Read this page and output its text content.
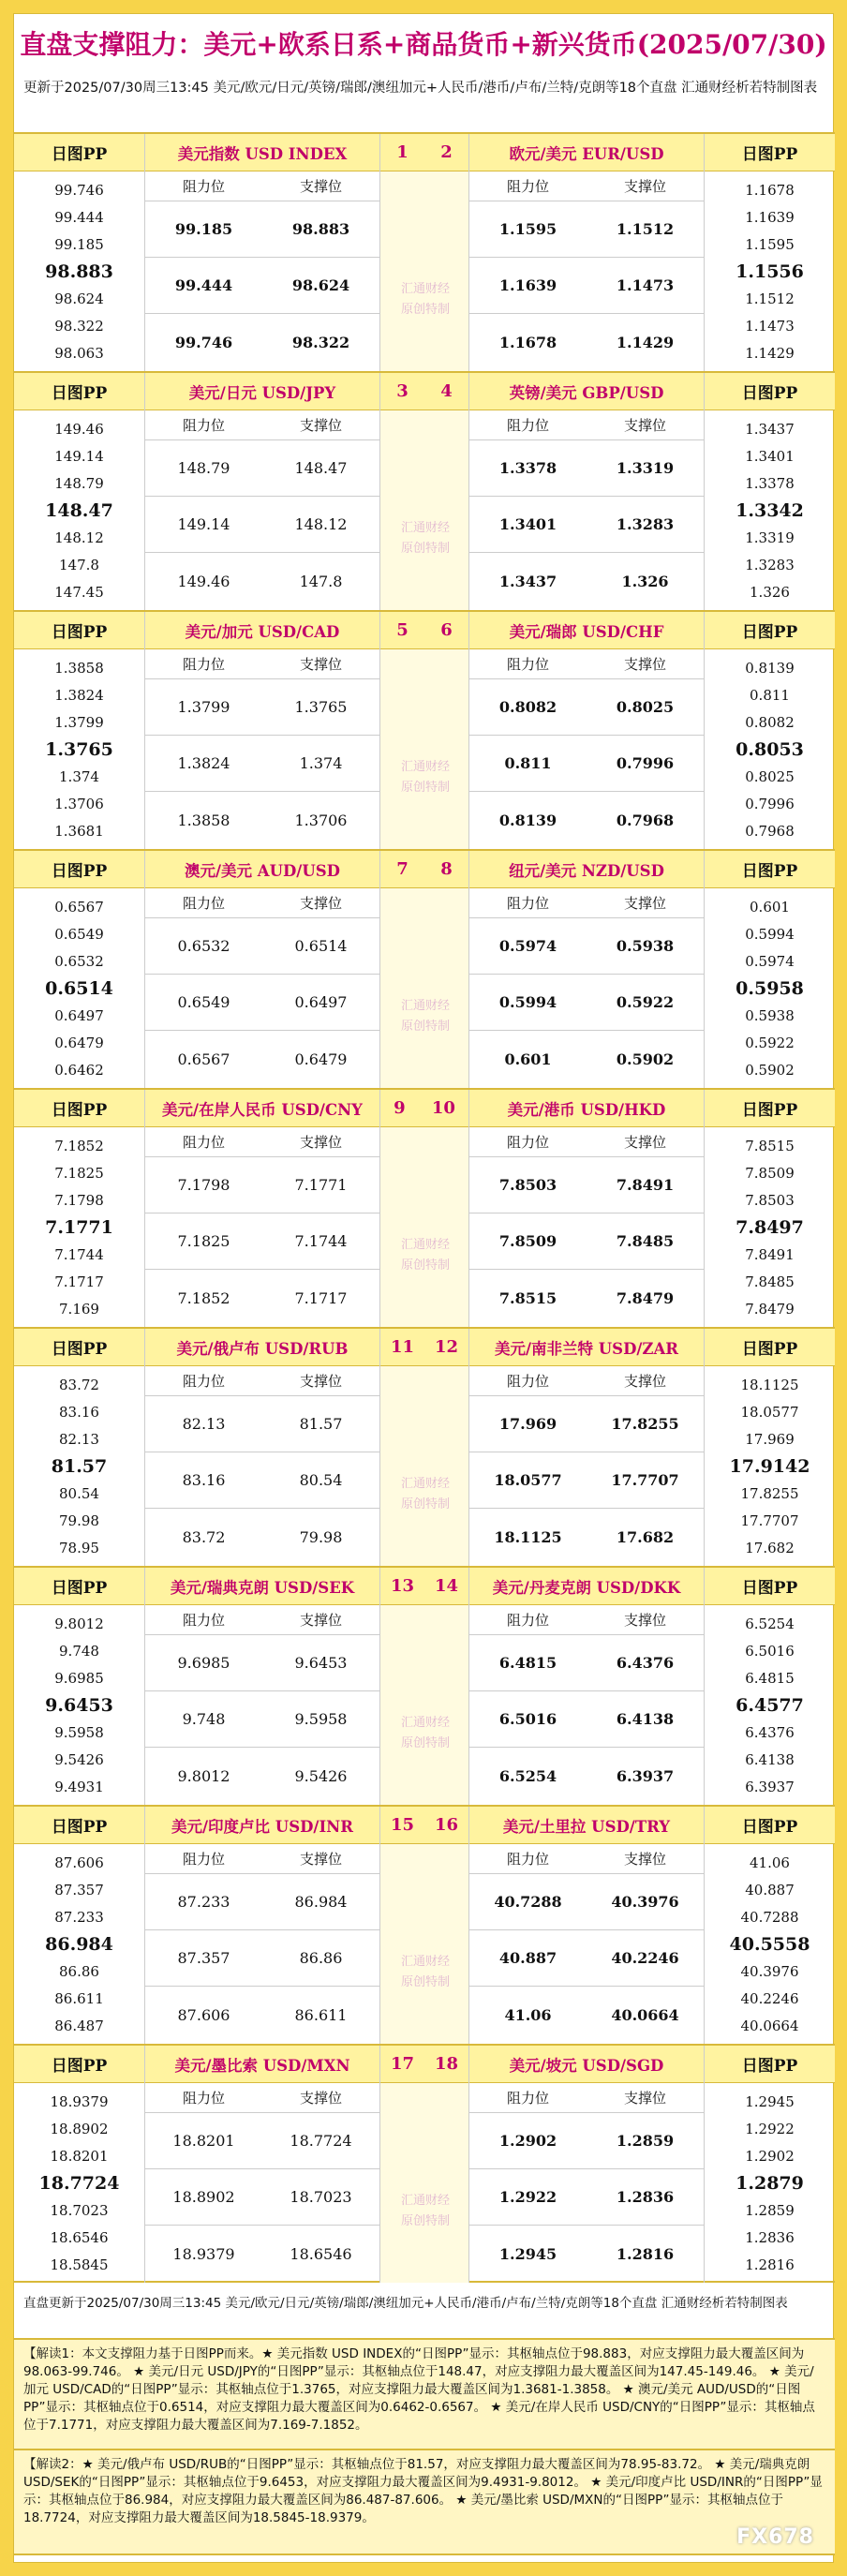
直盘支撑阻力：美元+欧系日系+商品货币+新兴货币(2025/07/30)
更新于2025/07/30周三13:45 美元/欧元/日元/英镑/瑞郎/澳纽加元+人民币/港币/卢布/兰特/克朗等18个直盘 汇通财经析若特制图表
日图PP
99.746
99.444
99.185
98.883
98.624
98.322
98.063
美元指数 USD INDEX
阻力位	支撑位
99.185	98.883
99.444	98.624
99.746	98.322
日图PP
1.1678
1.1639
1.1595
1.1556
1.1512
1.1473
1.1429
欧元/美元 EUR/USD
阻力位	支撑位
1.1595	1.1512
1.1639	1.1473
1.1678	1.1429
1 2
汇通财经
原创特制
日图PP
149.46
149.14
148.79
148.47
148.12
147.8
147.45
美元/日元 USD/JPY
阻力位	支撑位
148.79	148.47
149.14	148.12
149.46	147.8
日图PP
1.3437
1.3401
1.3378
1.3342
1.3319
1.3283
1.326
英镑/美元 GBP/USD
阻力位	支撑位
1.3378	1.3319
1.3401	1.3283
1.3437	1.326
3 4
汇通财经
原创特制
日图PP
1.3858
1.3824
1.3799
1.3765
1.374
1.3706
1.3681
美元/加元 USD/CAD
阻力位	支撑位
1.3799	1.3765
1.3824	1.374
1.3858	1.3706
日图PP
0.8139
0.811
0.8082
0.8053
0.8025
0.7996
0.7968
美元/瑞郎 USD/CHF
阻力位	支撑位
0.8082	0.8025
0.811	0.7996
0.8139	0.7968
5 6
汇通财经
原创特制
日图PP
0.6567
0.6549
0.6532
0.6514
0.6497
0.6479
0.6462
澳元/美元 AUD/USD
阻力位	支撑位
0.6532	0.6514
0.6549	0.6497
0.6567	0.6479
日图PP
0.601
0.5994
0.5974
0.5958
0.5938
0.5922
0.5902
纽元/美元 NZD/USD
阻力位	支撑位
0.5974	0.5938
0.5994	0.5922
0.601	0.5902
7 8
汇通财经
原创特制
日图PP
7.1852
7.1825
7.1798
7.1771
7.1744
7.1717
7.169
美元/在岸人民币 USD/CNY
阻力位	支撑位
7.1798	7.1771
7.1825	7.1744
7.1852	7.1717
日图PP
7.8515
7.8509
7.8503
7.8497
7.8491
7.8485
7.8479
美元/港币 USD/HKD
阻力位	支撑位
7.8503	7.8491
7.8509	7.8485
7.8515	7.8479
9 10
汇通财经
原创特制
日图PP
83.72
83.16
82.13
81.57
80.54
79.98
78.95
美元/俄卢布 USD/RUB
阻力位	支撑位
82.13	81.57
83.16	80.54
83.72	79.98
日图PP
18.1125
18.0577
17.969
17.9142
17.8255
17.7707
17.682
美元/南非兰特 USD/ZAR
阻力位	支撑位
17.969	17.8255
18.0577	17.7707
18.1125	17.682
11 12
汇通财经
原创特制
日图PP
9.8012
9.748
9.6985
9.6453
9.5958
9.5426
9.4931
美元/瑞典克朗 USD/SEK
阻力位	支撑位
9.6985	9.6453
9.748	9.5958
9.8012	9.5426
日图PP
6.5254
6.5016
6.4815
6.4577
6.4376
6.4138
6.3937
美元/丹麦克朗 USD/DKK
阻力位	支撑位
6.4815	6.4376
6.5016	6.4138
6.5254	6.3937
13 14
汇通财经
原创特制
日图PP
87.606
87.357
87.233
86.984
86.86
86.611
86.487
美元/印度卢比 USD/INR
阻力位	支撑位
87.233	86.984
87.357	86.86
87.606	86.611
日图PP
41.06
40.887
40.7288
40.5558
40.3976
40.2246
40.0664
美元/土里拉 USD/TRY
阻力位	支撑位
40.7288	40.3976
40.887	40.2246
41.06	40.0664
15 16
汇通财经
原创特制
日图PP
18.9379
18.8902
18.8201
18.7724
18.7023
18.6546
18.5845
美元/墨比索 USD/MXN
阻力位	支撑位
18.8201	18.7724
18.8902	18.7023
18.9379	18.6546
日图PP
1.2945
1.2922
1.2902
1.2879
1.2859
1.2836
1.2816
美元/坡元 USD/SGD
阻力位	支撑位
1.2902	1.2859
1.2922	1.2836
1.2945	1.2816
17 18
汇通财经
原创特制
直盘更新于2025/07/30周三13:45 美元/欧元/日元/英镑/瑞郎/澳纽加元+人民币/港币/卢布/兰特/克朗等18个直盘 汇通财经析若特制图表
【解读1：本文支撑阻力基于日图PP而来。★ 美元指数 USD INDEX的“日图PP”显示：其枢轴点位于98.883，对应支撑阻力最大覆盖区间为98.063-99.746。 ★ 美元/日元 USD/JPY的“日图PP”显示：其枢轴点位于148.47，对应支撑阻力最大覆盖区间为147.45-149.46。 ★ 美元/加元 USD/CAD的“日图PP”显示：其枢轴点位于1.3765，对应支撑阻力最大覆盖区间为1.3681-1.3858。 ★ 澳元/美元 AUD/USD的“日图PP”显示：其枢轴点位于0.6514，对应支撑阻力最大覆盖区间为0.6462-0.6567。 ★ 美元/在岸人民币 USD/CNY的“日图PP”显示：其枢轴点位于7.1771，对应支撑阻力最大覆盖区间为7.169-7.1852。
【解读2：★ 美元/俄卢布 USD/RUB的“日图PP”显示：其枢轴点位于81.57，对应支撑阻力最大覆盖区间为78.95-83.72。 ★ 美元/瑞典克朗 USD/SEK的“日图PP”显示：其枢轴点位于9.6453，对应支撑阻力最大覆盖区间为9.4931-9.8012。 ★ 美元/印度卢比 USD/INR的“日图PP”显示：其枢轴点位于86.984，对应支撑阻力最大覆盖区间为86.487-87.606。 ★ 美元/墨比索 USD/MXN的“日图PP”显示：其枢轴点位于18.7724，对应支撑阻力最大覆盖区间为18.5845-18.9379。
FX678
